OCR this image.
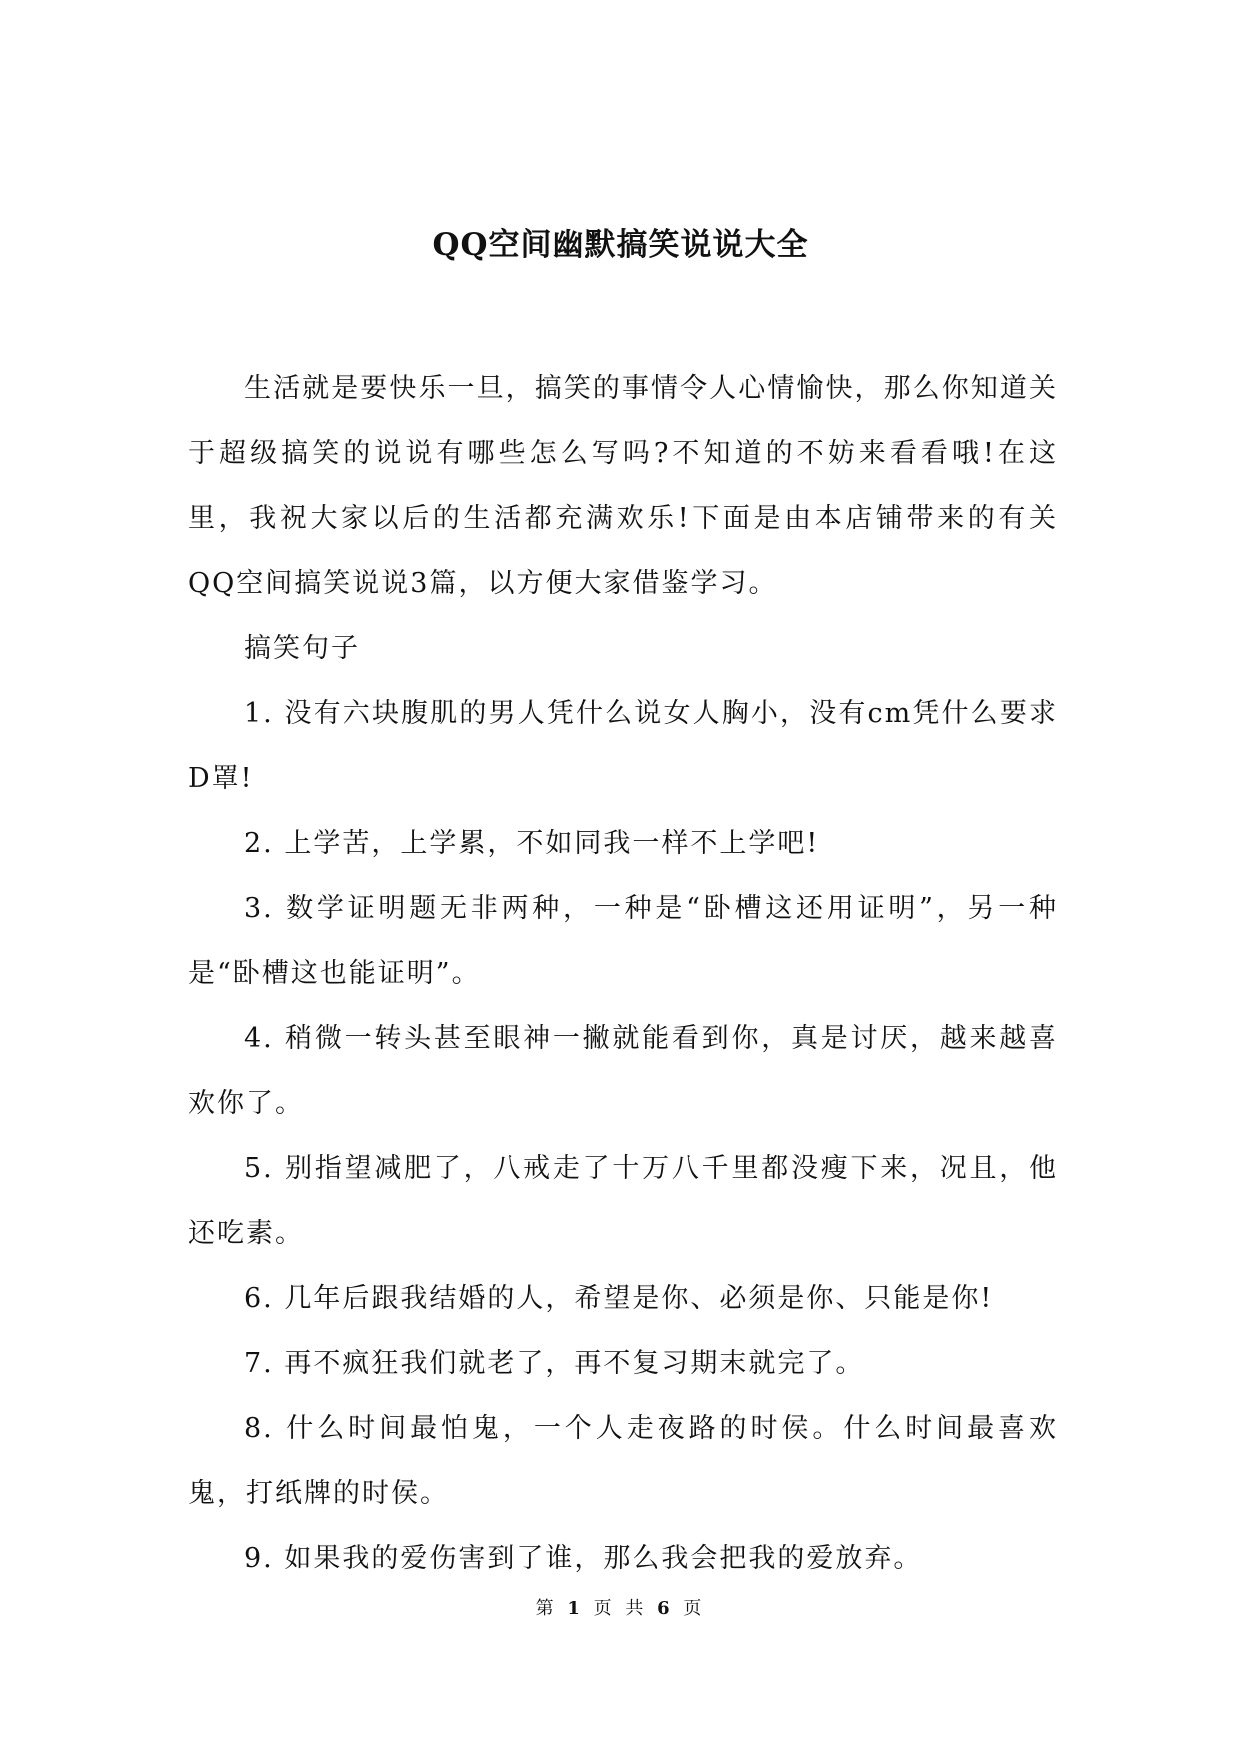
QQ空间幽默搞笑说说大全

生活就是要快乐一旦，搞笑的事情令人心情愉快，那么你知道关于超级搞笑的说说有哪些怎么写吗?不知道的不妨来看看哦!在这里，我祝大家以后的生活都充满欢乐!下面是由本店铺带来的有关QQ空间搞笑说说3篇，以方便大家借鉴学习。

搞笑句子

1. 没有六块腹肌的男人凭什么说女人胸小，没有cm凭什么要求D罩!

2. 上学苦，上学累，不如同我一样不上学吧!

3. 数学证明题无非两种，一种是“卧槽这还用证明”，另一种是“卧槽这也能证明”。

4. 稍微一转头甚至眼神一撇就能看到你，真是讨厌，越来越喜欢你了。

5. 别指望减肥了，八戒走了十万八千里都没瘦下来，况且，他还吃素。

6. 几年后跟我结婚的人，希望是你、必须是你、只能是你!

7. 再不疯狂我们就老了，再不复习期末就完了。

8. 什么时间最怕鬼，一个人走夜路的时侯。什么时间最喜欢鬼，打纸牌的时侯。

9. 如果我的爱伤害到了谁，那么我会把我的爱放弃。

第 1 页 共 6 页
